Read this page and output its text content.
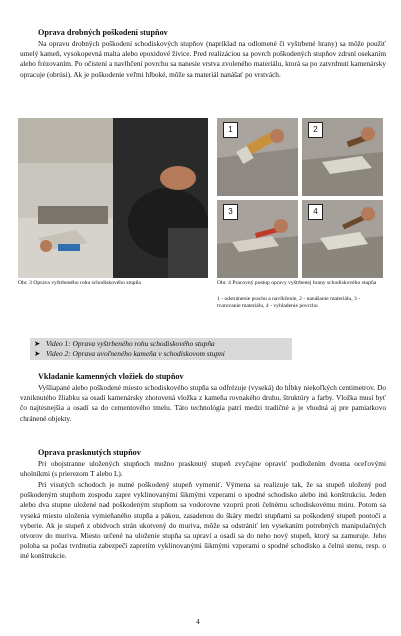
Oprava drobných poškodení stupňov
Na opravu drobných poškodení schodiskových stupňov (napríklad na odlomené či vyštrbené hrany) sa môže použiť umelý kameň, vysokopevná malta alebo epoxidové živice. Pred realizáciou sa povrch poškodených stupňov zdrsní osekaním alebo frézovaním. Po očistení a navlhčení povrchu sa nanesie vrstva zvoleného materiálu, ktorá sa po zatvrdnutí kamenársky opracuje (obrúsi). Ak je poškodenie veľmi hlboké, môže sa materiál nanášať po vrstvách.
Obr. 3 Oprava vyštrbeného rohu schodiskového stupňa
1	2
3	4
Obr. 4 Pracovný postup opravy vyštrbenej hrany schodiskového stupňa
1 - odstránenie prachu a navlhčenie, 2 - nanášanie materiálu, 3 - tvarovanie materiálu, 4 - vyhladenie povrchu
➤ Video 1: Oprava vyštrbeného rohu schodiskového stupňa
➤ Video 2: Oprava uvoľneného kameňa v schodiskovom stupni
Vkladanie kamenných vložiek do stupňov
Vyšliapané alebo poškodené miesto schodiskového stupňa sa odfrézuje (vyseká) do hĺbky niekoľkých centimetrov. Do vzniknutého žliabku sa osadí kamenársky zhotovená vložka z kameňa rovnakého druhu, štruktúry a farby. Vložka musí byť čo najtesnejšia a osadí sa do cementového tmelu. Táto technológia patrí medzi tradičné a je vhodná aj pre pamiatkovo chránené objekty.
Oprava prasknutých stupňov
Pri obojstranne uložených stupňoch možno prasknutý stupeň zvyčajne opraviť podložením dvoma oceľovými uholníkmi (s prierezom T alebo L).
Pri visutých schodoch je nutné poškodený stupeň vymeniť. Výmena sa realizuje tak, že sa stupeň uložený pod poškodeným stupňom zospodu zapre vyklinovanými šikmými vzperami o spodné schodisko alebo inú konštrukciu. Jeden alebo dva stupne uložené nad poškodeným stupňom sa vodorovne vzoprú proti čelnému schodiskovému múru. Potom sa vyseká miesto uloženia vymieňaného stupňa a pákou, zasadenou do škáry medzi stupňami sa poškodený stupeň pootočí a vyberie. Ak je stupeň z obidvoch strán ukotvený do muriva, môže sa odstrániť len vysekaním potrebných manipulačných otvorov do muriva. Miesto určené na uloženie stupňa sa upraví a osadí sa do neho nový stupeň, ktorý sa zamuruje. Jeho poloha sa počas tvrdnutia zabezpečí zapretím vyklinovanými šikmými vzperami o spodné schodisko a čelnú stenu, resp. o iné konštrukcie.
4
